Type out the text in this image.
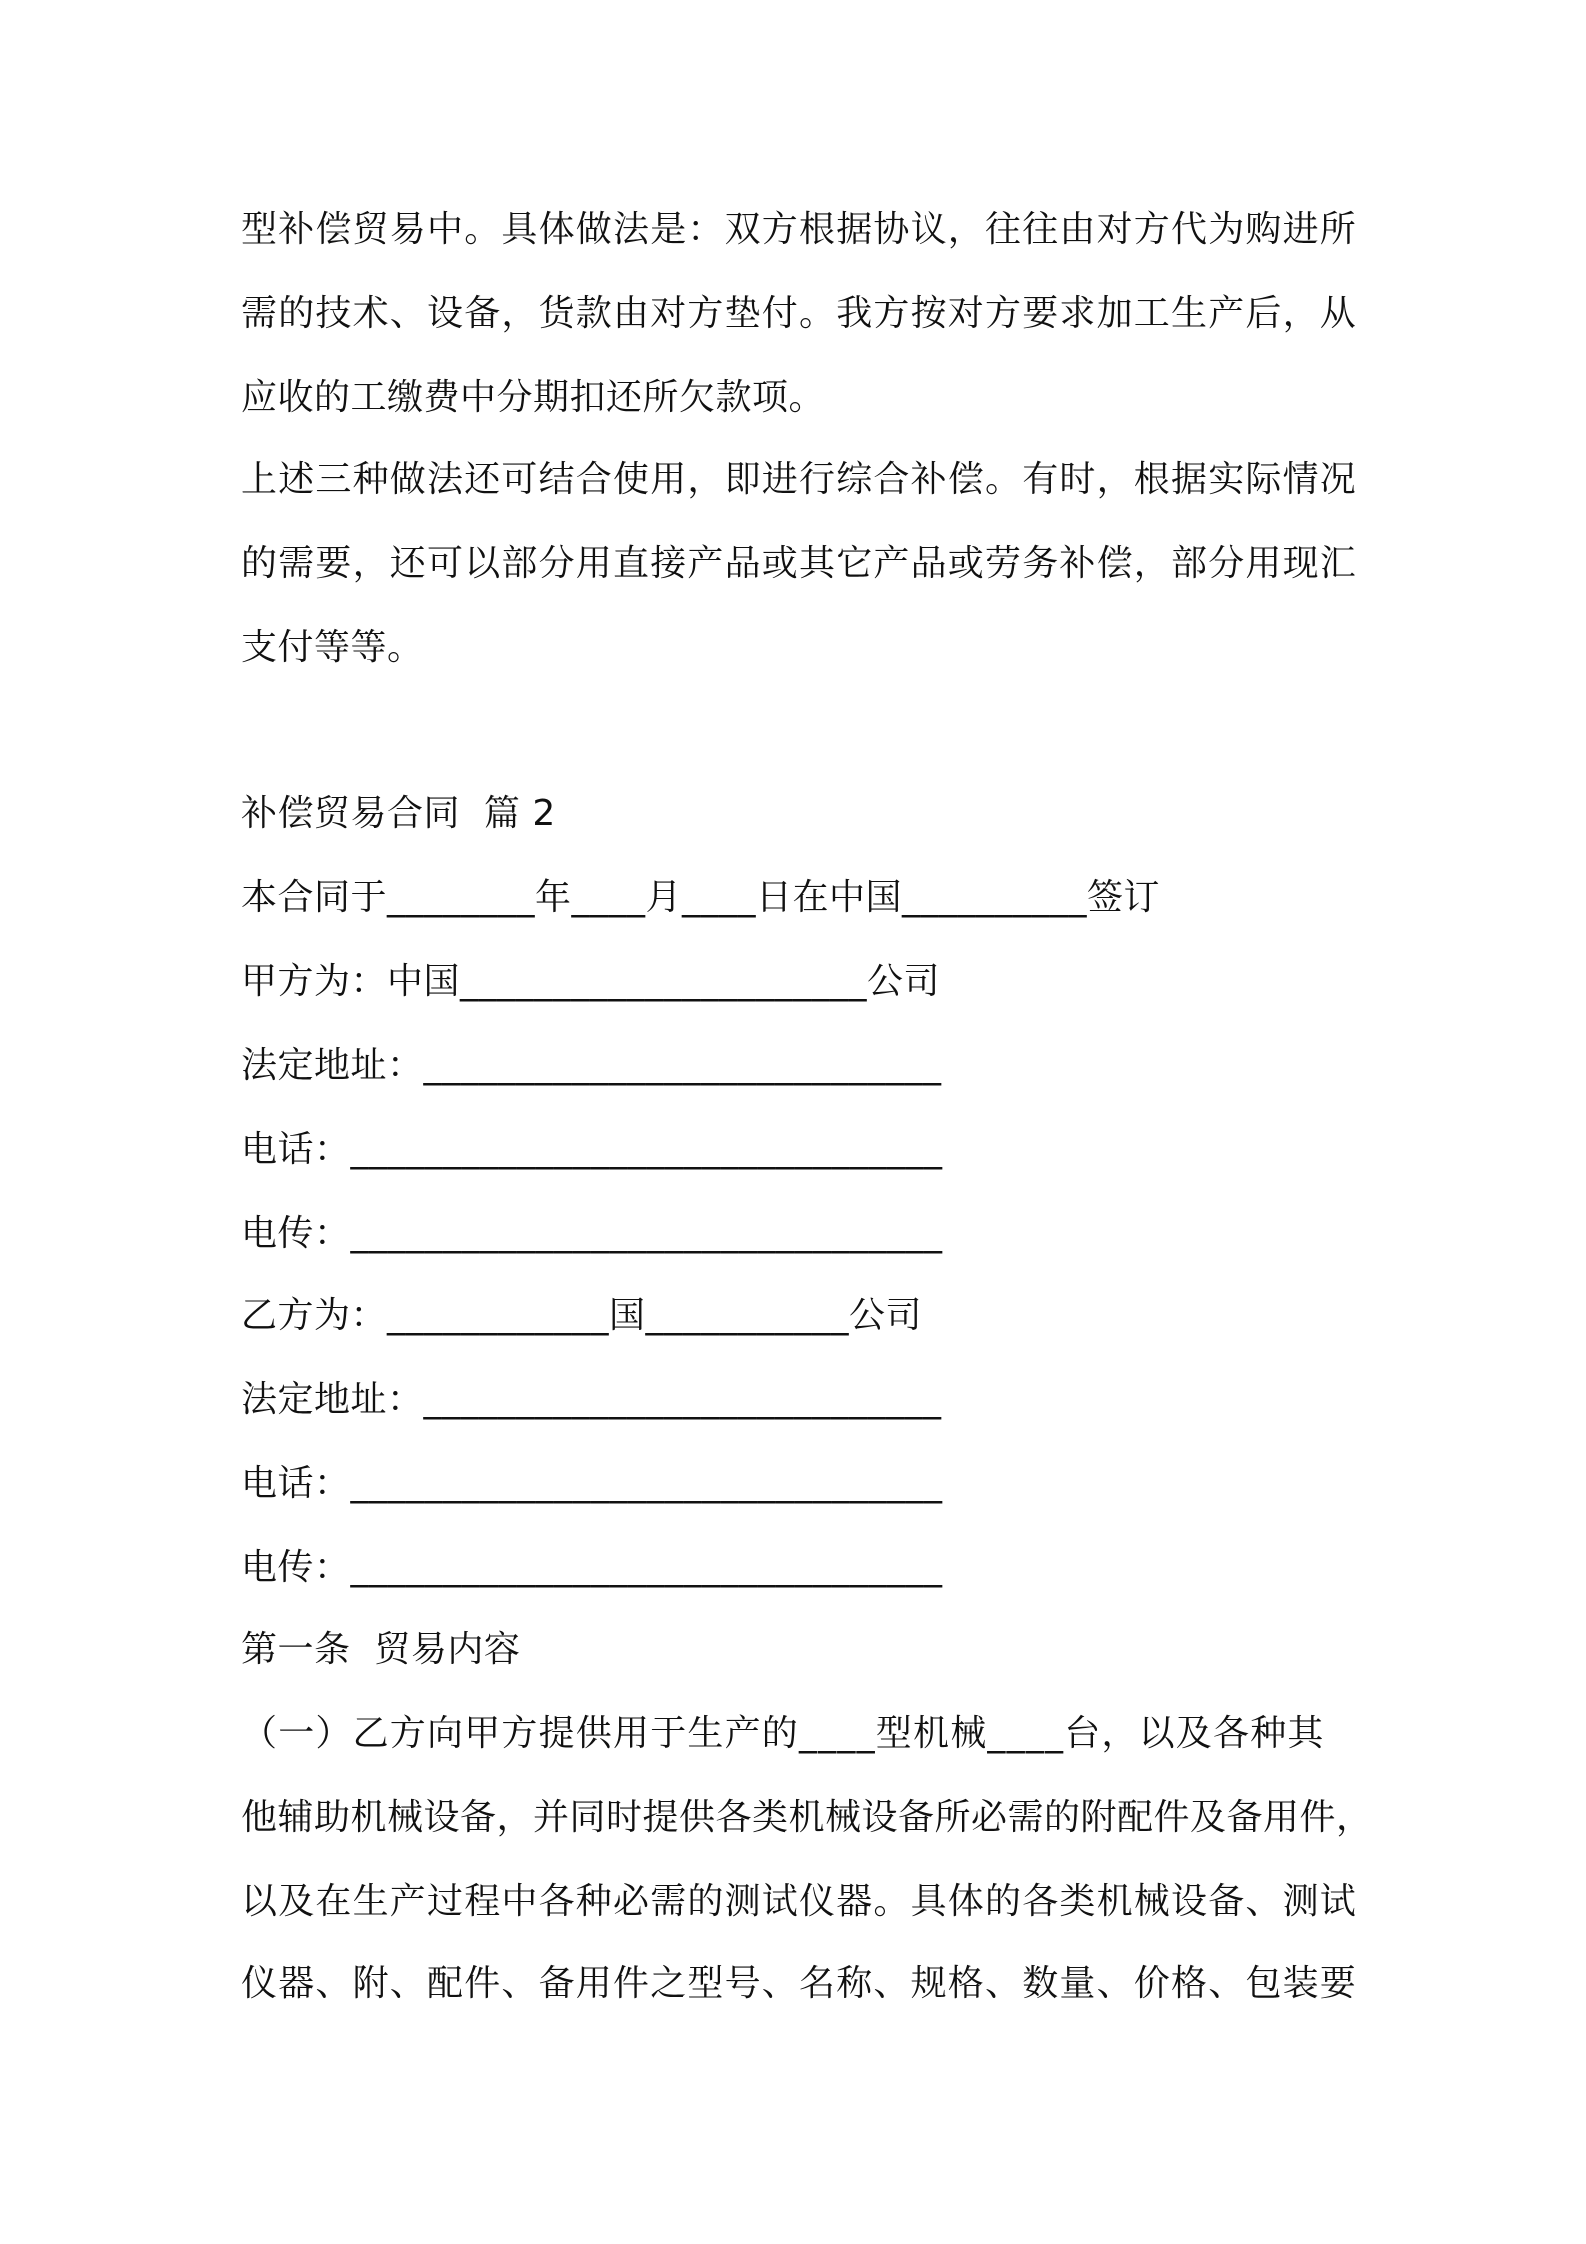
型补偿贸易中。具体做法是：双方根据协议，往往由对方代为购进所
需的技术、设备，货款由对方垫付。我方按对方要求加工生产后，从
应收的工缴费中分期扣还所欠款项。
上述三种做法还可结合使用，即进行综合补偿。有时，根据实际情况
的需要，还可以部分用直接产品或其它产品或劳务补偿，部分用现汇
支付等等。
补偿贸易合同  篇 2
本合同于________年____月____日在中国__________签订
甲方为：中国______________________公司
法定地址：____________________________
电话：________________________________
电传：________________________________
乙方为：____________国___________公司
法定地址：____________________________
电话：________________________________
电传：________________________________
第一条  贸易内容
（一）乙方向甲方提供用于生产的____型机械____台，以及各种其
他辅助机械设备，并同时提供各类机械设备所必需的附配件及备用件，
以及在生产过程中各种必需的测试仪器。具体的各类机械设备、测试
仪器、附、配件、备用件之型号、名称、规格、数量、价格、包装要
